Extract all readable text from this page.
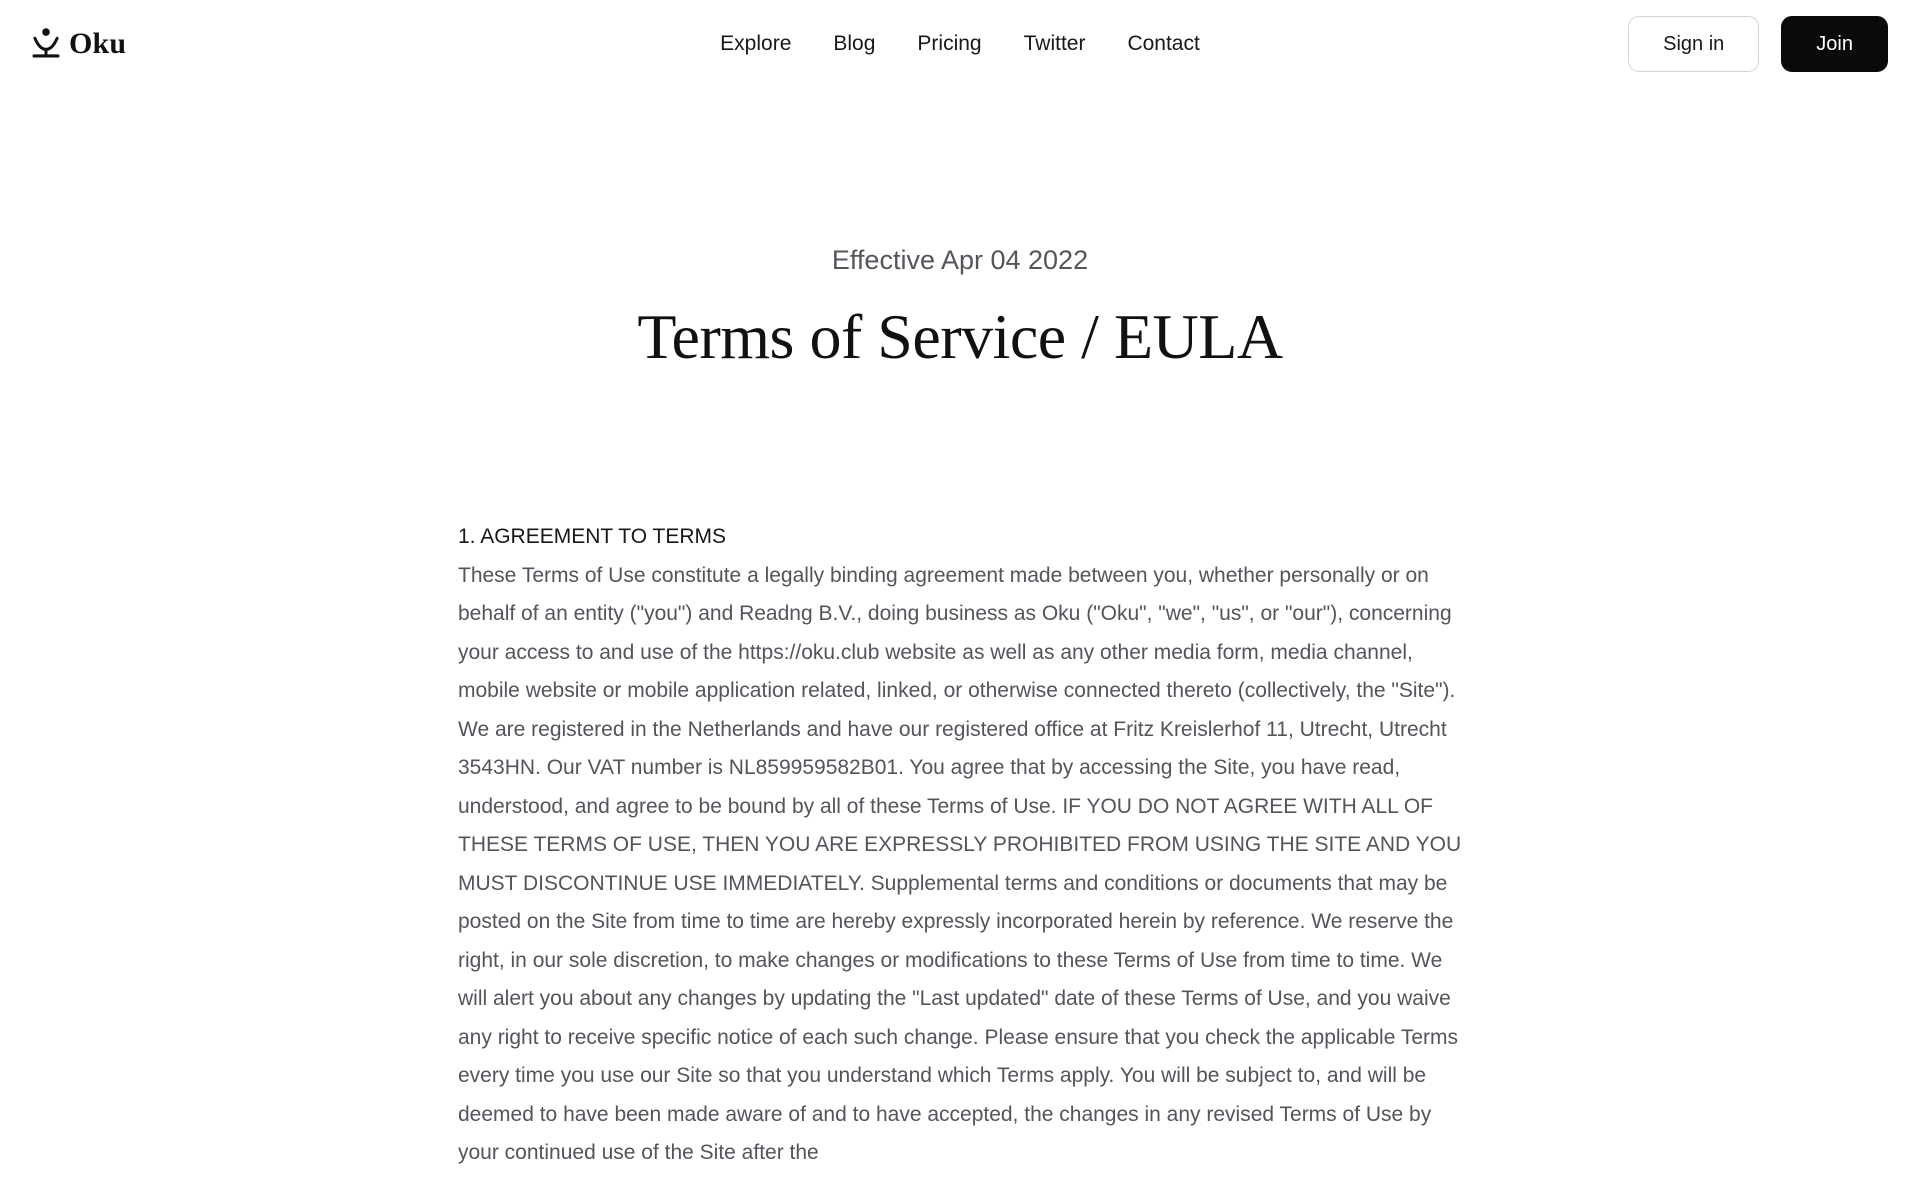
Oku	Explore Blog Pricing Twitter Contact	Sign in	Join
Effective Apr 04 2022
Terms of Service / EULA
1. AGREEMENT TO TERMS

These Terms of Use constitute a legally binding agreement made between you, whether personally or on behalf of an entity ("you") and Readng B.V., doing business as Oku ("Oku", "we", "us", or "our"), concerning your access to and use of the https://oku.club website as well as any other media form, media channel, mobile website or mobile application related, linked, or otherwise connected thereto (collectively, the "Site"). We are registered in the Netherlands and have our registered office at Fritz Kreislerhof 11, Utrecht, Utrecht 3543HN. Our VAT number is NL859959582B01. You agree that by accessing the Site, you have read, understood, and agree to be bound by all of these Terms of Use. IF YOU DO NOT AGREE WITH ALL OF THESE TERMS OF USE, THEN YOU ARE EXPRESSLY PROHIBITED FROM USING THE SITE AND YOU MUST DISCONTINUE USE IMMEDIATELY. Supplemental terms and conditions or documents that may be posted on the Site from time to time are hereby expressly incorporated herein by reference. We reserve the right, in our sole discretion, to make changes or modifications to these Terms of Use from time to time. We will alert you about any changes by updating the "Last updated" date of these Terms of Use, and you waive any right to receive specific notice of each such change. Please ensure that you check the applicable Terms every time you use our Site so that you understand which Terms apply. You will be subject to, and will be deemed to have been made aware of and to have accepted, the changes in any revised Terms of Use by your continued use of the Site after the
